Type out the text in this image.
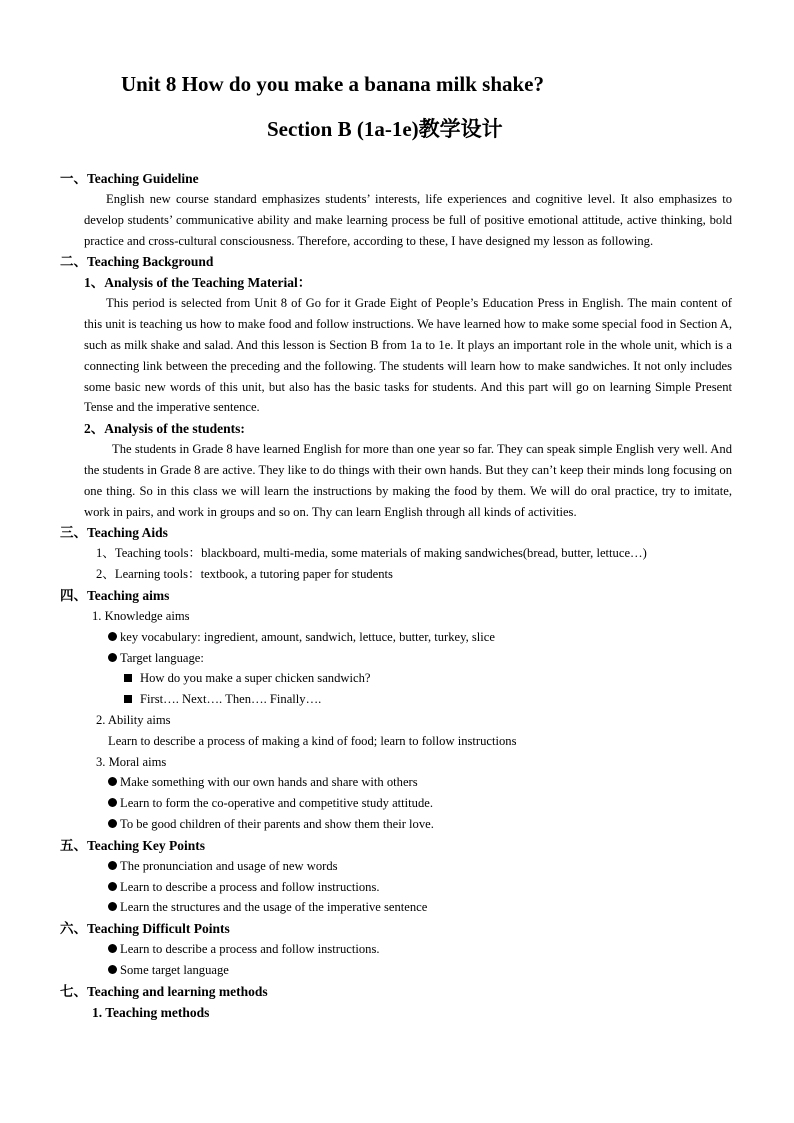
Unit 8 How do you make a banana milk shake?
Section B (1a-1e)教学设计
一、Teaching Guideline
English new course standard emphasizes students’ interests, life experiences and cognitive level. It also emphasizes to develop students’ communicative ability and make learning process be full of positive emotional attitude, active thinking, bold practice and cross-cultural consciousness. Therefore, according to these, I have designed my lesson as following.
二、Teaching Background
1、Analysis of the Teaching Material：
This period is selected from Unit 8 of Go for it Grade Eight of People’s Education Press in English. The main content of this unit is teaching us how to make food and follow instructions. We have learned how to make some special food in Section A, such as milk shake and salad. And this lesson is Section B from 1a to 1e. It plays an important role in the whole unit, which is a connecting link between the preceding and the following. The students will learn how to make sandwiches. It not only includes some basic new words of this unit, but also has the basic tasks for students. And this part will go on learning Simple Present Tense and the imperative sentence.
2、Analysis of the students:
The students in Grade 8 have learned English for more than one year so far. They can speak simple English very well. And the students in Grade 8 are active. They like to do things with their own hands. But they can’t keep their minds long focusing on one thing. So in this class we will learn the instructions by making the food by them. We will do oral practice, try to imitate, work in pairs, and work in groups and so on. Thy can learn English through all kinds of activities.
三、Teaching Aids
1、Teaching tools：blackboard, multi-media, some materials of making sandwiches(bread, butter, lettuce…)
2、Learning tools：textbook, a tutoring paper for students
四、Teaching aims
1. Knowledge aims
key vocabulary: ingredient, amount, sandwich, lettuce, butter, turkey, slice
Target language:
How do you make a super chicken sandwich?
First…. Next…. Then…. Finally….
2. Ability aims
Learn to describe a process of making a kind of food; learn to follow instructions
3. Moral aims
Make something with our own hands and share with others
Learn to form the co-operative and competitive study attitude.
To be good children of their parents and show them their love.
五、Teaching Key Points
The pronunciation and usage of new words
Learn to describe a process and follow instructions.
Learn the structures and the usage of the imperative sentence
六、Teaching Difficult Points
Learn to describe a process and follow instructions.
Some target language
七、Teaching and learning methods
1. Teaching methods
